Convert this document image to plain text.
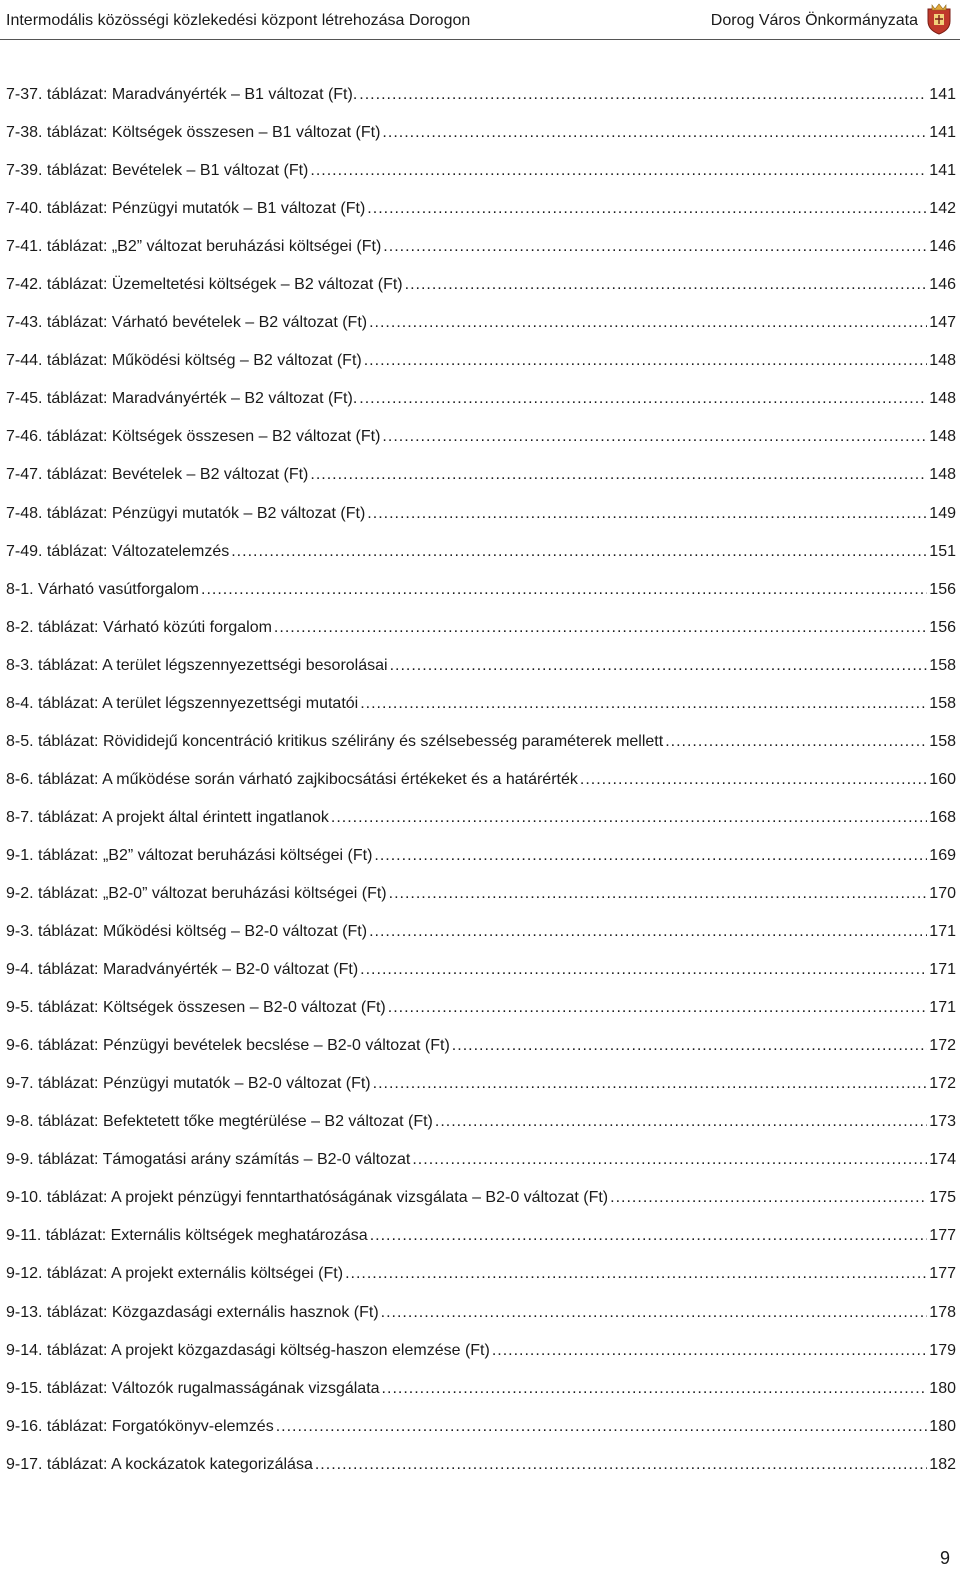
Intermodális közösségi közlekedési központ létrehozása Dorogon	Dorog Város Önkormányzata
7-37. táblázat: Maradványérték – B1 változat (Ft). .....	141
7-38. táblázat: Költségek összesen – B1 változat (Ft) .....	141
7-39. táblázat: Bevételek – B1 változat (Ft) .....	141
7-40. táblázat: Pénzügyi mutatók – B1 változat (Ft) .....	142
7-41. táblázat: „B2” változat beruházási költségei (Ft) .....	146
7-42. táblázat: Üzemeltetési költségek – B2 változat (Ft) .....	146
7-43. táblázat: Várható bevételek – B2 változat (Ft) .....	147
7-44. táblázat: Működési költség – B2 változat (Ft) .....	148
7-45. táblázat: Maradványérték – B2 változat (Ft). .....	148
7-46. táblázat: Költségek összesen – B2 változat (Ft) .....	148
7-47. táblázat: Bevételek – B2 változat (Ft) .....	148
7-48. táblázat: Pénzügyi mutatók – B2 változat (Ft) .....	149
7-49. táblázat: Változatelemzés .....	151
8-1. Várható vasútforgalom .....	156
8-2. táblázat: Várható közúti forgalom .....	156
8-3. táblázat: A terület légszennyezettségi besorolásai .....	158
8-4. táblázat: A terület légszennyezettségi mutatói .....	158
8-5. táblázat: Rövididejű koncentráció kritikus szélirány és szélsebesség paraméterek mellett .....	158
8-6. táblázat: A működése során várható zajkibocsátási értékeket és a határérték .....	160
8-7. táblázat: A projekt által érintett ingatlanok .....	168
9-1. táblázat: „B2” változat beruházási költségei (Ft) .....	169
9-2. táblázat: „B2-0” változat beruházási költségei (Ft) .....	170
9-3. táblázat: Működési költség – B2-0 változat (Ft) .....	171
9-4. táblázat: Maradványérték – B2-0 változat (Ft) .....	171
9-5. táblázat: Költségek összesen – B2-0 változat (Ft) .....	171
9-6. táblázat: Pénzügyi bevételek becslése – B2-0 változat (Ft) .....	172
9-7. táblázat: Pénzügyi mutatók – B2-0 változat (Ft) .....	172
9-8. táblázat: Befektetett tőke megtérülése – B2 változat (Ft) .....	173
9-9. táblázat: Támogatási arány számítás – B2-0 változat .....	174
9-10. táblázat: A projekt pénzügyi fenntarthatóságának vizsgálata – B2-0 változat (Ft) .....	175
9-11. táblázat: Externális költségek meghatározása .....	177
9-12. táblázat: A projekt externális költségei (Ft) .....	177
9-13. táblázat: Közgazdasági externális hasznok (Ft) .....	178
9-14. táblázat: A projekt közgazdasági költség-haszon elemzése (Ft) .....	179
9-15. táblázat: Változók rugalmasságának vizsgálata .....	180
9-16. táblázat: Forgatókönyv-elemzés .....	180
9-17. táblázat: A kockázatok kategorizálása .....	182
9
